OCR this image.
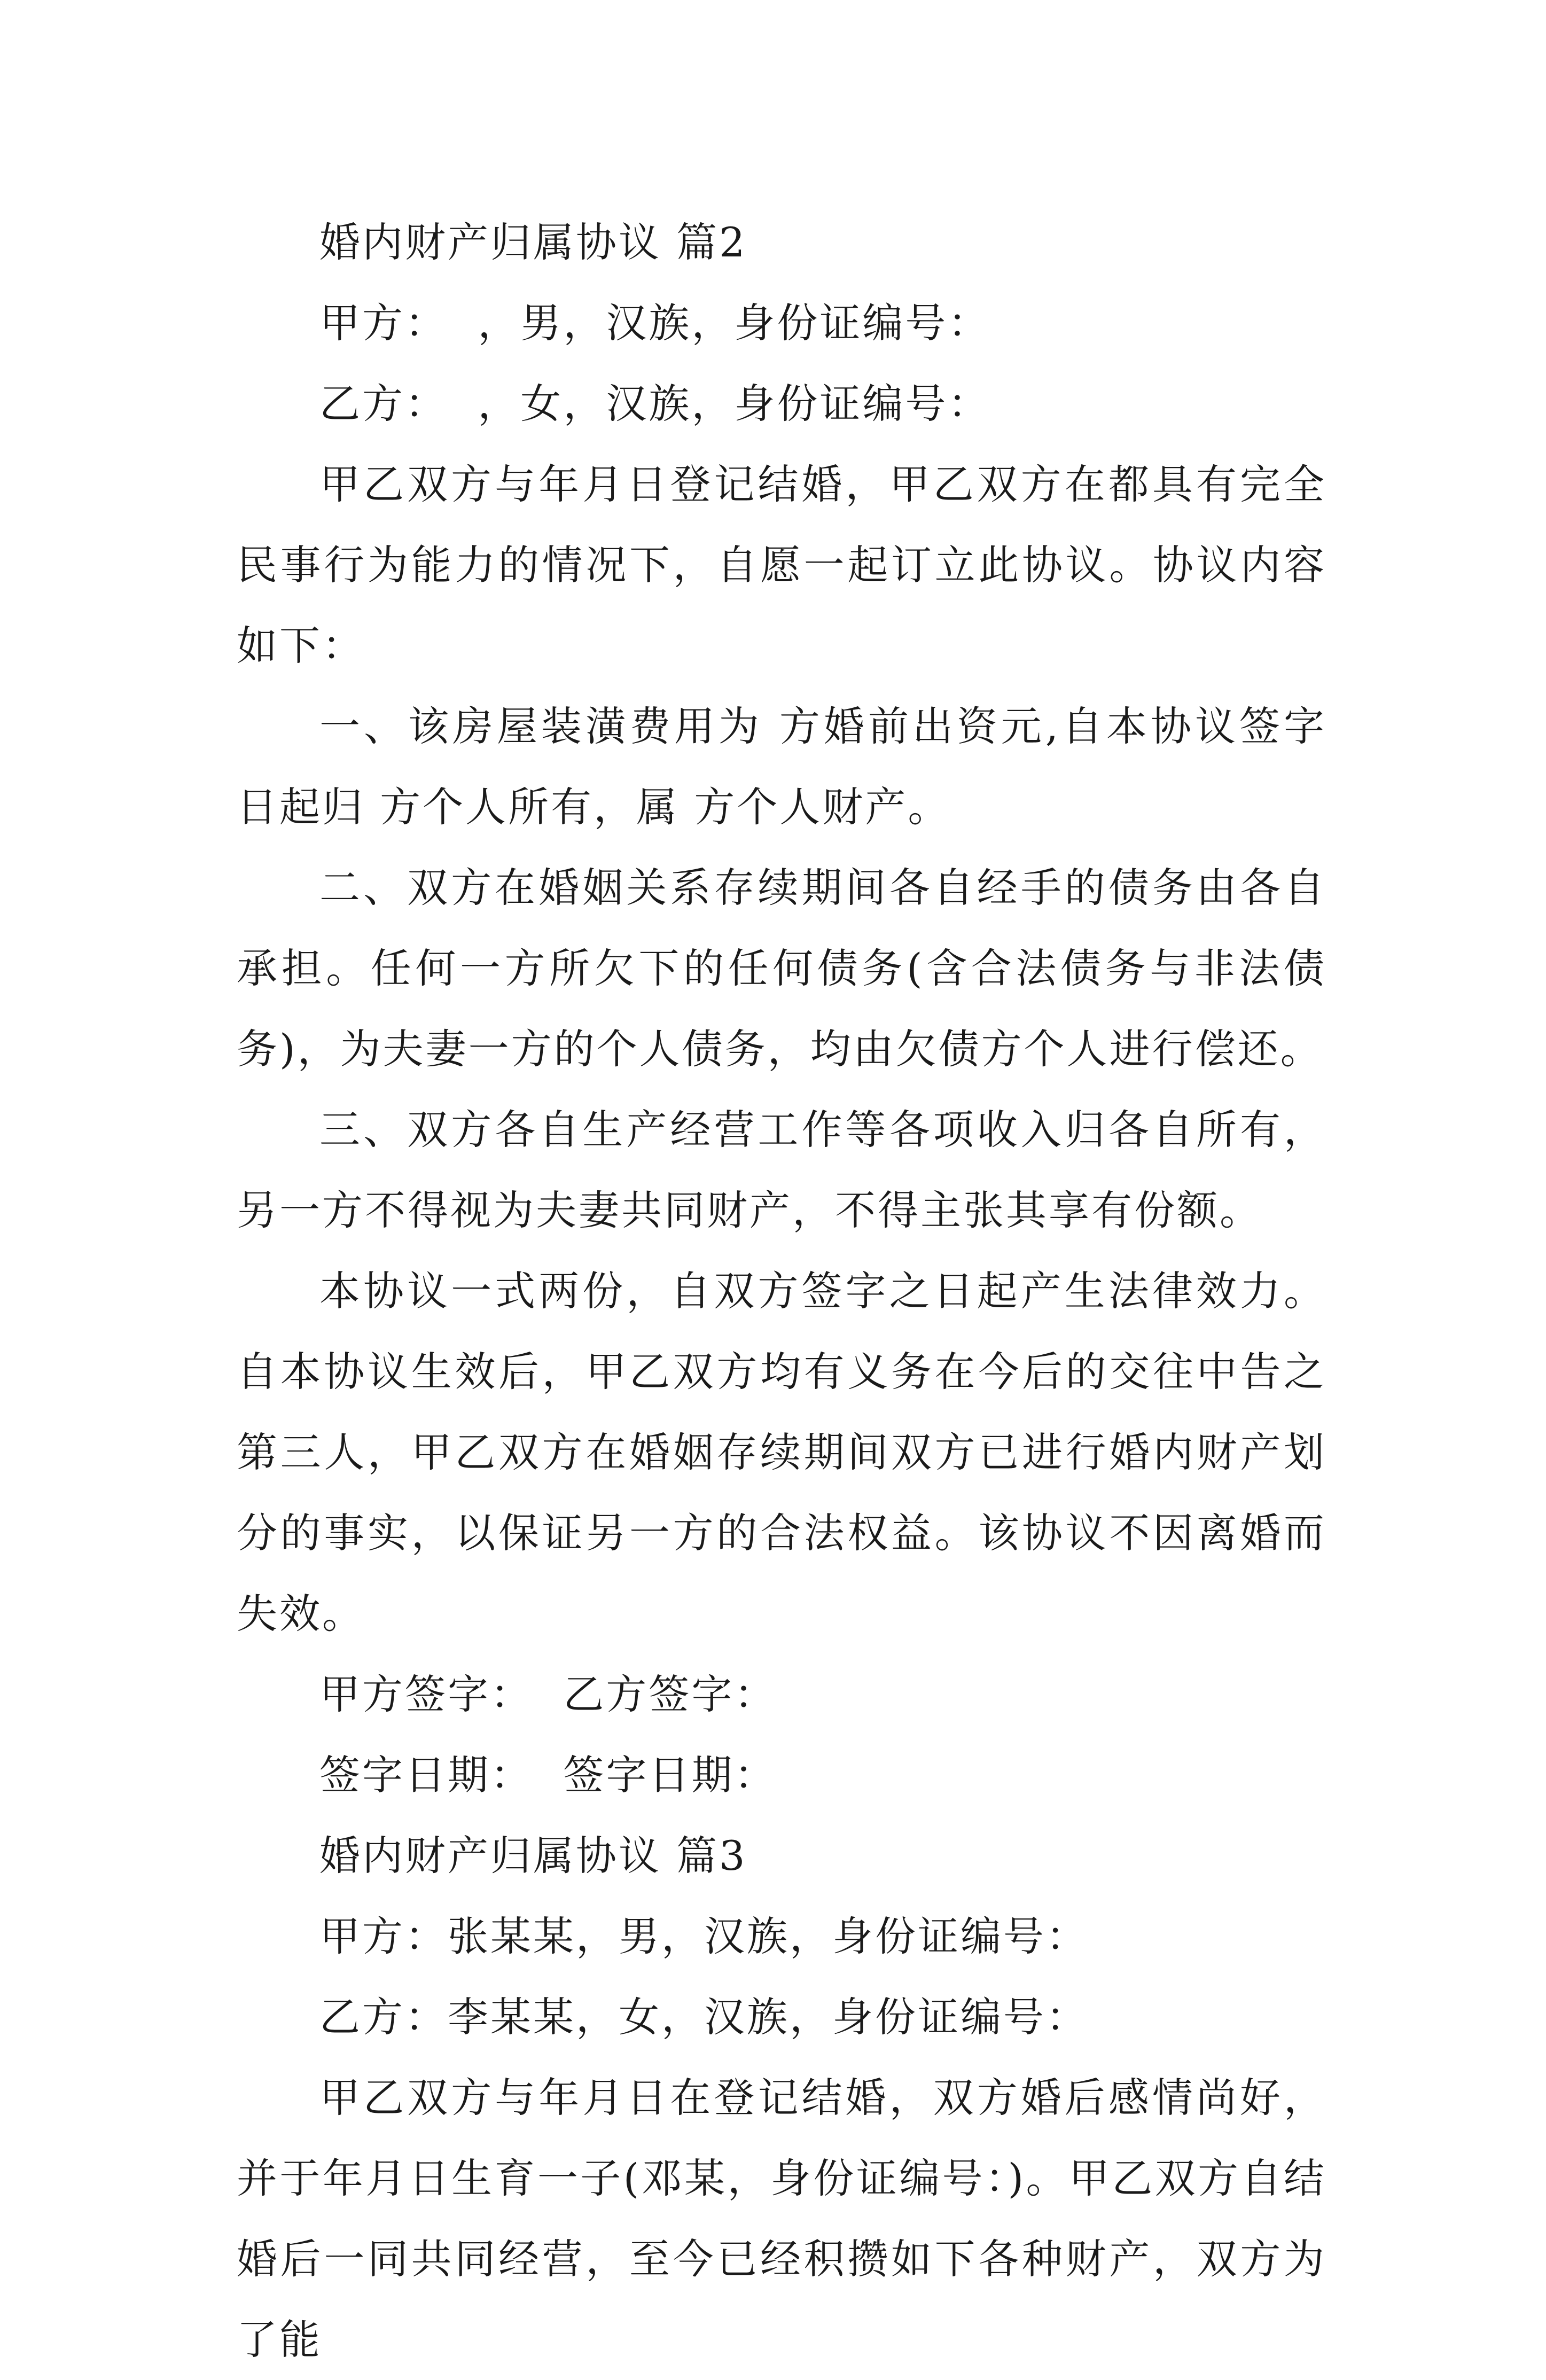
婚内财产归属协议 篇2

甲方：  ，男，汉族，身份证编号：

乙方：  ，女，汉族，身份证编号：

甲乙双方与年月日登记结婚，甲乙双方在都具有完全民事行为能力的情况下，自愿一起订立此协议。协议内容如下：

一、该房屋装潢费用为 方婚前出资元,自本协议签字日起归 方个人所有，属 方个人财产。

二、双方在婚姻关系存续期间各自经手的债务由各自承担。任何一方所欠下的任何债务(含合法债务与非法债务)，为夫妻一方的个人债务，均由欠债方个人进行偿还。

三、双方各自生产经营工作等各项收入归各自所有，另一方不得视为夫妻共同财产，不得主张其享有份额。

本协议一式两份，自双方签字之日起产生法律效力。自本协议生效后，甲乙双方均有义务在今后的交往中告之第三人，甲乙双方在婚姻存续期间双方已进行婚内财产划分的事实，以保证另一方的合法权益。该协议不因离婚而失效。

甲方签字：  乙方签字：

签字日期：  签字日期：

婚内财产归属协议 篇3

甲方：张某某，男，汉族，身份证编号：

乙方：李某某，女，汉族，身份证编号：

甲乙双方与年月日在登记结婚，双方婚后感情尚好，并于年月日生育一子(邓某，身份证编号：)。甲乙双方自结婚后一同共同经营，至今已经积攒如下各种财产，双方为了能
